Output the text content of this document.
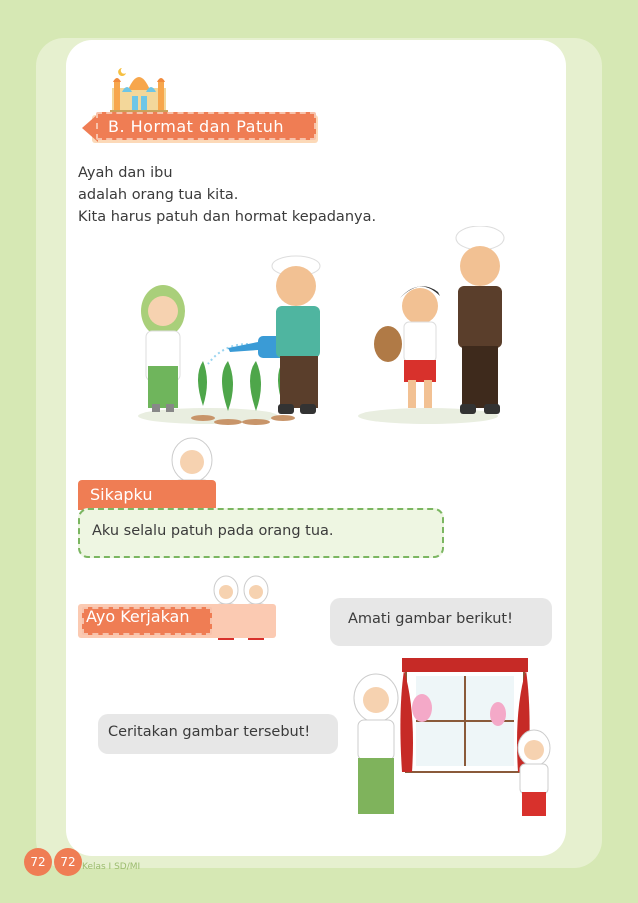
B. Hormat dan Patuh
Ayah dan ibu
adalah orang tua kita.
Kita harus patuh dan hormat kepadanya.
Sikapku
Aku selalu patuh pada orang tua.
Ayo Kerjakan	Amati gambar berikut!
Ceritakan gambar tersebut!
72	72 Kelas I SD/MI
